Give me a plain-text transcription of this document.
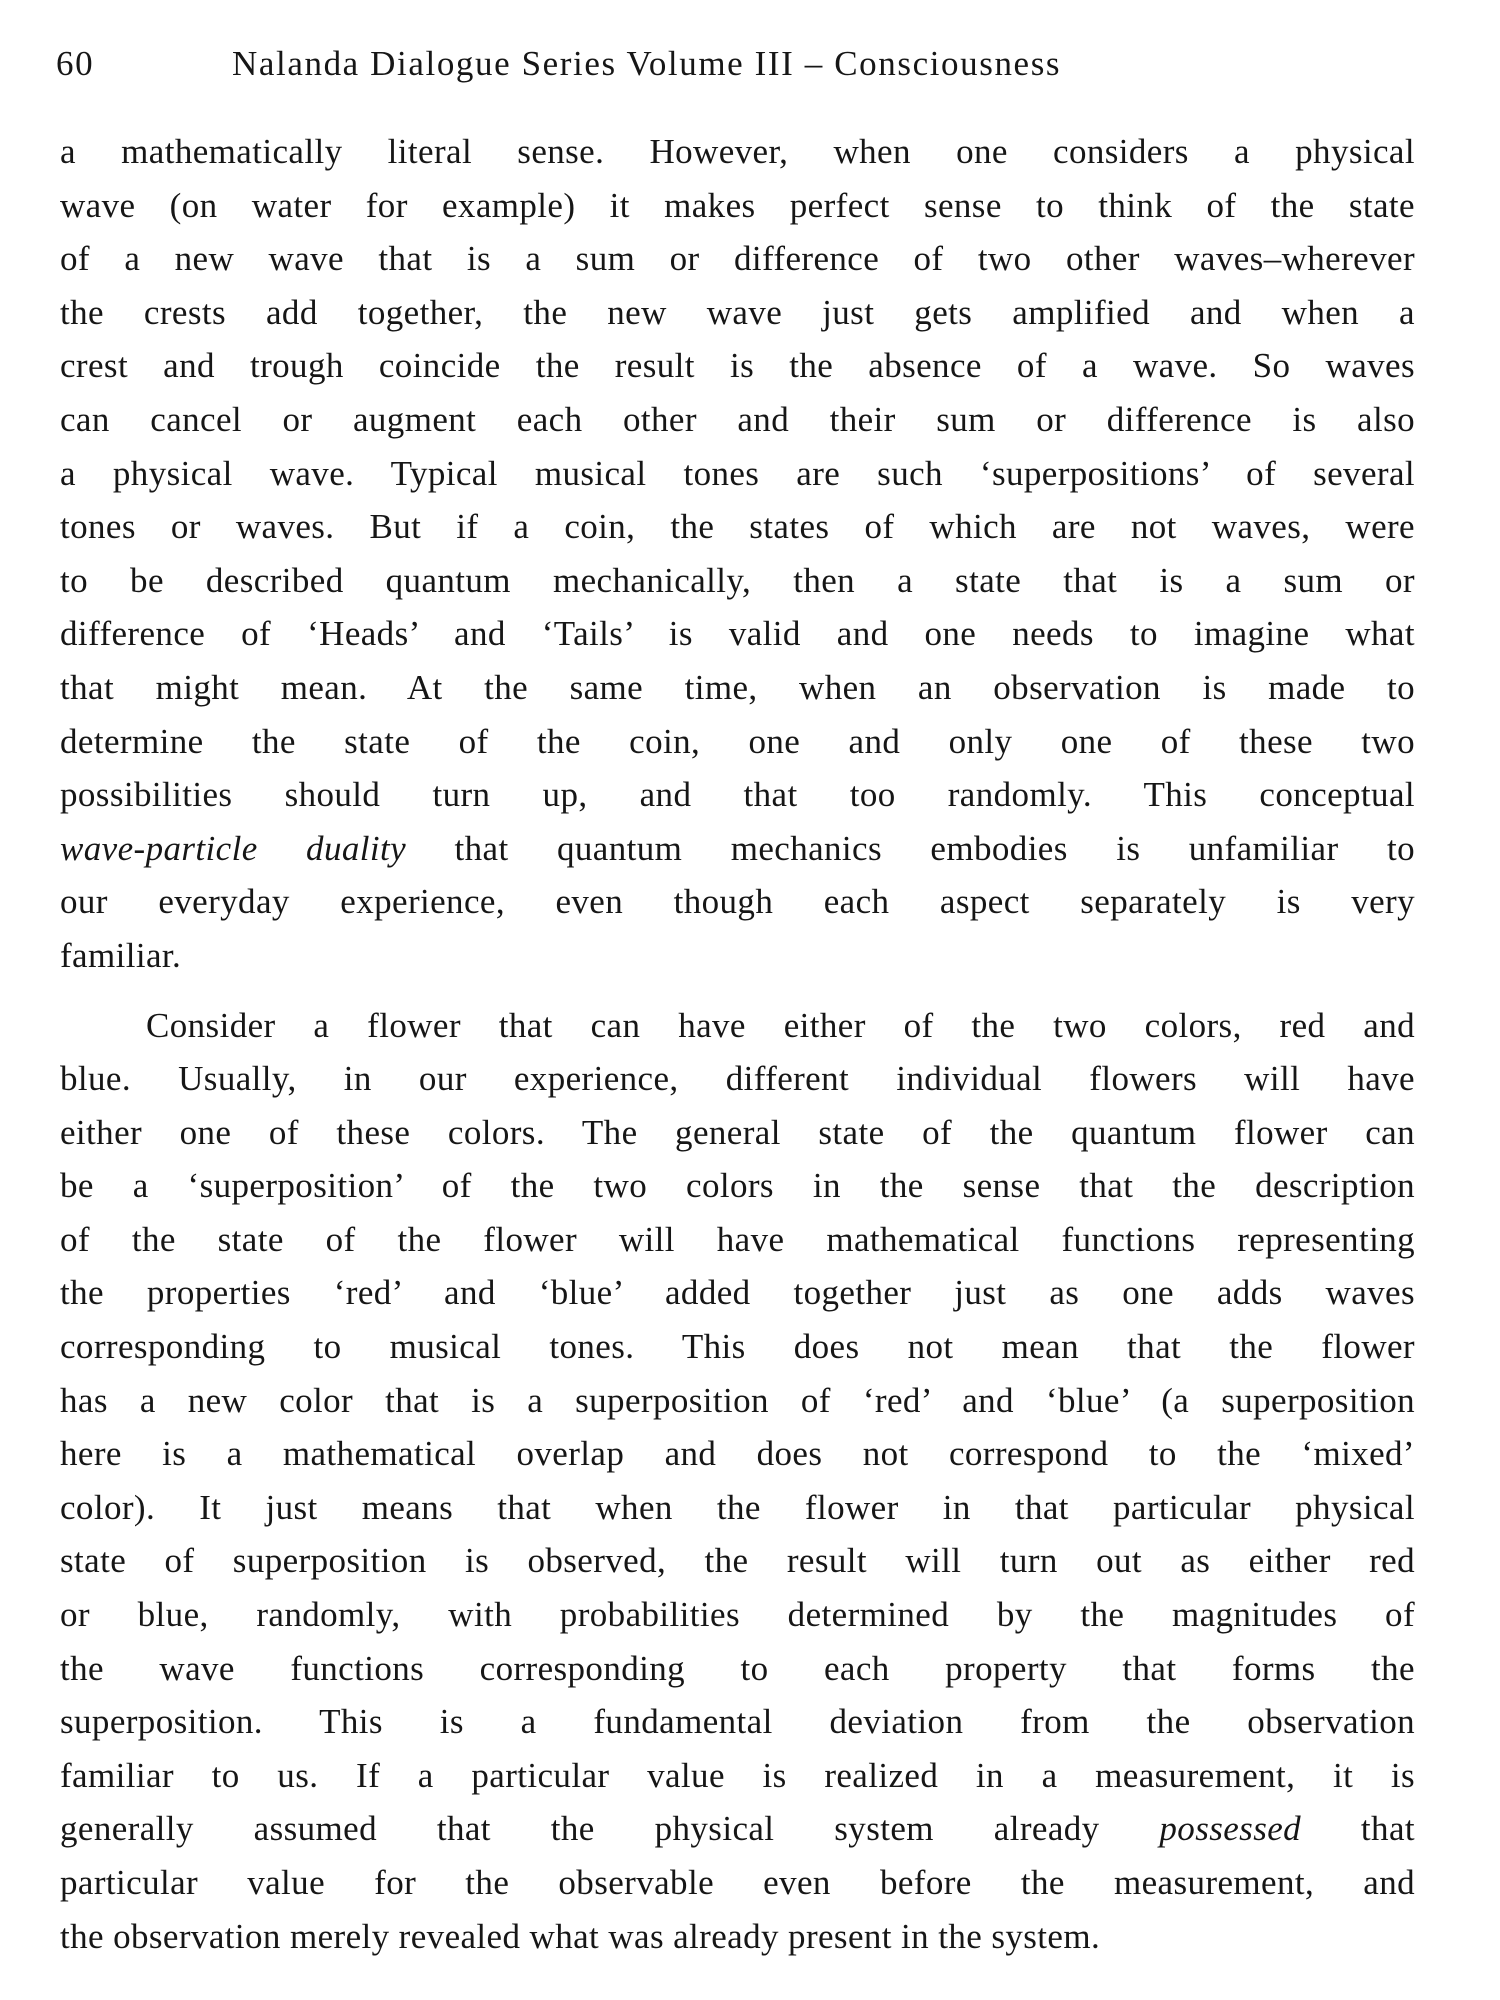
60	Nalanda Dialogue Series Volume III – Consciousness

a mathematically literal sense. However, when one considers a physical
wave (on water for example) it makes perfect sense to think of the state
of a new wave that is a sum or difference of two other waves–wherever
the crests add together, the new wave just gets amplified and when a
crest and trough coincide the result is the absence of a wave. So waves
can cancel or augment each other and their sum or difference is also
a physical wave. Typical musical tones are such ‘superpositions’ of several
tones or waves. But if a coin, the states of which are not waves, were
to be described quantum mechanically, then a state that is a sum or
difference of ‘Heads’ and ‘Tails’ is valid and one needs to imagine what
that might mean. At the same time, when an observation is made to
determine the state of the coin, one and only one of these two
possibilities should turn up, and that too randomly. This conceptual
wave-particle duality that quantum mechanics embodies is unfamiliar to
our everyday experience, even though each aspect separately is very
familiar.

Consider a flower that can have either of the two colors, red and
blue. Usually, in our experience, different individual flowers will have
either one of these colors. The general state of the quantum flower can
be a ‘superposition’ of the two colors in the sense that the description
of the state of the flower will have mathematical functions representing
the properties ‘red’ and ‘blue’ added together just as one adds waves
corresponding to musical tones. This does not mean that the flower
has a new color that is a superposition of ‘red’ and ‘blue’ (a superposition
here is a mathematical overlap and does not correspond to the ‘mixed’
color). It just means that when the flower in that particular physical
state of superposition is observed, the result will turn out as either red
or blue, randomly, with probabilities determined by the magnitudes of
the wave functions corresponding to each property that forms the
superposition. This is a fundamental deviation from the observation
familiar to us. If a particular value is realized in a measurement, it is
generally assumed that the physical system already possessed that
particular value for the observable even before the measurement, and
the observation merely revealed what was already present in the system.
